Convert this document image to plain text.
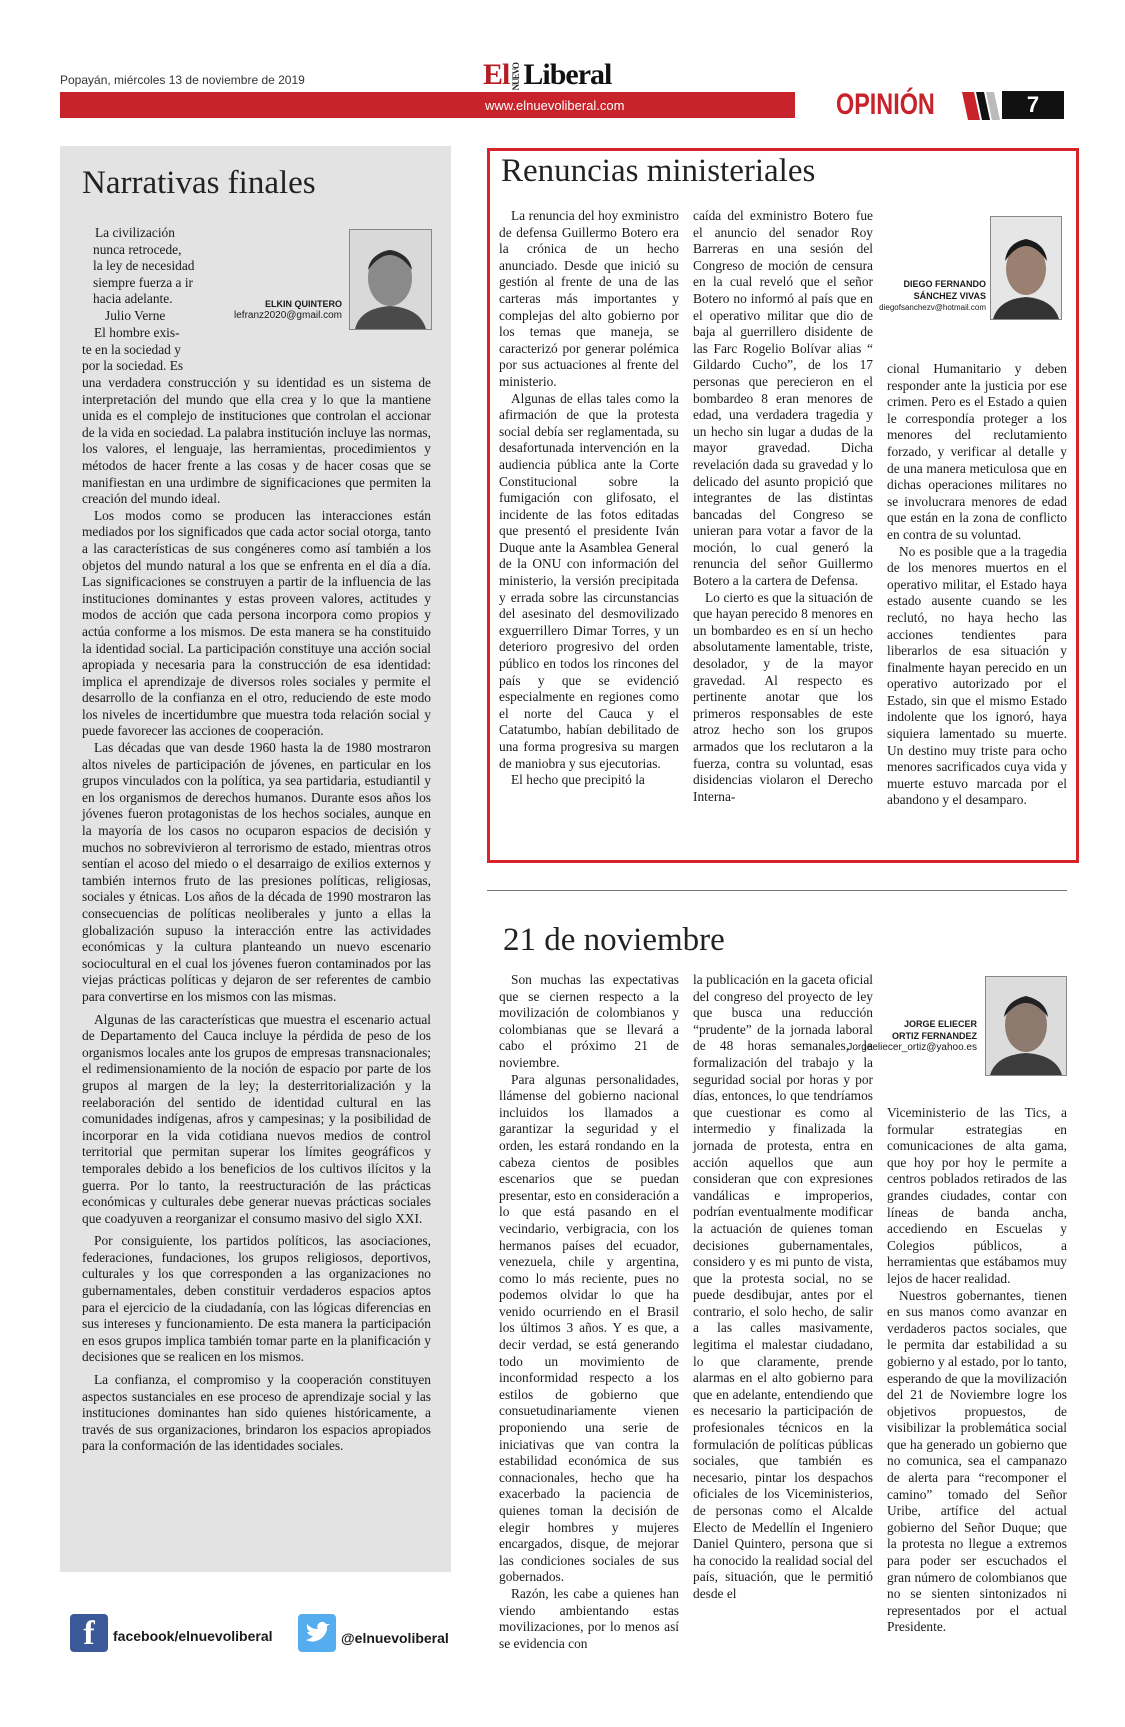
Popayán, miércoles 13 de noviembre de 2019	El NUEVOLiberal
www.elnuevoliberal.com	OPINIÓN	7
Narrativas finales
La civilización
nunca retrocede,
la ley de necesidad
siempre fuerza a ir
hacia adelante.
Julio Verne
ELKIN QUINTERO
lefranz2020@gmail.com
El hombre exis-
te en la sociedad y
por la sociedad. Es

una verdadera construcción y su identidad es un sistema de interpretación del mundo que ella crea y lo que la mantiene unida es el complejo de instituciones que controlan el accionar de la vida en sociedad. La palabra institución incluye las normas, los valores, el lenguaje, las herramientas, procedimientos y métodos de hacer frente a las cosas y de hacer cosas que se manifiestan en una urdimbre de significaciones que permiten la creación del mundo ideal.

Los modos como se producen las interacciones están mediados por los significados que cada actor social otorga, tanto a las características de sus congéneres como así también a los objetos del mundo natural a los que se enfrenta en el día a día. Las significaciones se construyen a partir de la influencia de las instituciones dominantes y estas proveen valores, actitudes y modos de acción que cada persona incorpora como propios y actúa conforme a los mismos. De esta manera se ha constituido la identidad social. La participación constituye una acción social apropiada y necesaria para la construcción de esa identidad: implica el aprendizaje de diversos roles sociales y permite el desarrollo de la confianza en el otro, reduciendo de este modo los niveles de incertidumbre que muestra toda relación social y puede favorecer las acciones de cooperación.

Las décadas que van desde 1960 hasta la de 1980 mostraron altos niveles de participación de jóvenes, en particular en los grupos vinculados con la política, ya sea partidaria, estudiantil y en los organismos de derechos humanos. Durante esos años los jóvenes fueron protagonistas de los hechos sociales, aunque en la mayoría de los casos no ocuparon espacios de decisión y muchos no sobrevivieron al terrorismo de estado, mientras otros sentían el acoso del miedo o el desarraigo de exilios externos y también internos fruto de las presiones políticas, religiosas, sociales y étnicas. Los años de la década de 1990 mostraron las consecuencias de políticas neoliberales y junto a ellas la globalización supuso la interacción entre las actividades económicas y la cultura planteando un nuevo escenario sociocultural en el cual los jóvenes fueron contaminados por las viejas prácticas políticas y dejaron de ser referentes de cambio para convertirse en los mismos con las mismas.

Algunas de las características que muestra el escenario actual de Departamento del Cauca incluye la pérdida de peso de los organismos locales ante los grupos de empresas transnacionales; el redimensionamiento de la noción de espacio por parte de los grupos al margen de la ley; la desterritorialización y la reelaboración del sentido de identidad cultural en las comunidades indígenas, afros y campesinas; y la posibilidad de incorporar en la vida cotidiana nuevos medios de control territorial que permitan superar los límites geográficos y temporales debido a los beneficios de los cultivos ilícitos y la guerra. Por lo tanto, la reestructuración de las prácticas económicas y culturales debe generar nuevas prácticas sociales que coadyuven a reorganizar el consumo masivo del siglo XXI.

Por consiguiente, los partidos políticos, las asociaciones, federaciones, fundaciones, los grupos religiosos, deportivos, culturales y los que corresponden a las organizaciones no gubernamentales, deben constituir verdaderos espacios aptos para el ejercicio de la ciudadanía, con las lógicas diferencias en sus intereses y funcionamiento. De esta manera la participación en esos grupos implica también tomar parte en la planificación y decisiones que se realicen en los mismos.

La confianza, el compromiso y la cooperación constituyen aspectos sustanciales en ese proceso de aprendizaje social y las instituciones dominantes han sido quienes históricamente, a través de sus organizaciones, brindaron los espacios apropiados para la conformación de las identidades sociales.

Renuncias ministeriales

La renuncia del hoy exministro de defensa Guillermo Botero era la crónica de un hecho anunciado. Desde que inició su gestión al frente de una de las carteras más importantes y complejas del alto gobierno por los temas que maneja, se caracterizó por generar polémica por sus actuaciones al frente del ministerio.

Algunas de ellas tales como la afirmación de que la protesta social debía ser reglamentada, su desafortunada intervención en la audiencia pública ante la Corte Constitucional sobre la fumigación con glifosato, el incidente de las fotos editadas que presentó el presidente Iván Duque ante la Asamblea General de la ONU con información del ministerio, la versión precipitada y errada sobre las circunstancias del asesinato del desmovilizado exguerrillero Dimar Torres, y un deterioro progresivo del orden público en todos los rincones del país y que se evidenció especialmente en regiones como el norte del Cauca y el Catatumbo, habían debilitado de una forma progresiva su margen de maniobra y sus ejecutorias.

El hecho que precipitó la

caída del exministro Botero fue el anuncio del senador Roy Barreras en una sesión del Congreso de moción de censura en la cual reveló que el señor Botero no informó al país que en el operativo militar que dio de baja al guerrillero disidente de las Farc Rogelio Bolívar alias “ Gildardo Cucho”, de los 17 personas que perecieron en el bombardeo 8 eran menores de edad, una verdadera tragedia y un hecho sin lugar a dudas de la mayor gravedad. Dicha revelación dada su gravedad y lo delicado del asunto propició que integrantes de las distintas bancadas del Congreso se unieran para votar a favor de la moción, lo cual generó la renuncia del señor Guillermo Botero a la cartera de Defensa.

Lo cierto es que la situación de que hayan perecido 8 menores en un bombardeo es en sí un hecho absolutamente lamentable, triste, desolador, y de la mayor gravedad. Al respecto es pertinente anotar que los primeros responsables de este atroz hecho son los grupos armados que los reclutaron a la fuerza, contra su voluntad, esas disidencias violaron el Derecho Interna-

DIEGO FERNANDO
SÁNCHEZ VIVAS
diegofsanchezv@hotmail.com

cional Humanitario y deben responder ante la justicia por ese crimen. Pero es el Estado a quien le correspondía proteger a los menores del reclutamiento forzado, y verificar al detalle y de una manera meticulosa que en dichas operaciones militares no se involucrara menores de edad que están en la zona de conflicto en contra de su voluntad.

No es posible que a la tragedia de los menores muertos en el operativo militar, el Estado haya estado ausente cuando se les reclutó, no haya hecho las acciones tendientes para liberarlos de esa situación y finalmente hayan perecido en un operativo autorizado por el Estado, sin que el mismo Estado indolente que los ignoró, haya siquiera lamentado su muerte. Un destino muy triste para ocho menores sacrificados cuya vida y muerte estuvo marcada por el abandono y el desamparo.

21 de noviembre

Son muchas las expectativas que se ciernen respecto a la movilización de colombianos y colombianas que se llevará a cabo el próximo 21 de noviembre.

Para algunas personalidades, llámense del gobierno nacional incluidos los llamados a garantizar la seguridad y el orden, les estará rondando en la cabeza cientos de posibles escenarios que se puedan presentar, esto en consideración a lo que está pasando en el vecindario, verbigracia, con los hermanos países del ecuador, venezuela, chile y argentina, como lo más reciente, pues no podemos olvidar lo que ha venido ocurriendo en el Brasil los últimos 3 años. Y es que, a decir verdad, se está generando todo un movimiento de inconformidad respecto a los estilos de gobierno que consuetudinariamente vienen proponiendo una serie de iniciativas que van contra la estabilidad económica de sus connacionales, hecho que ha exacerbado la paciencia de quienes toman la decisión de elegir hombres y mujeres encargados, disque, de mejorar las condiciones sociales de sus gobernados.

Razón, les cabe a quienes han viendo ambientando estas movilizaciones, por lo menos así se evidencia con

la publicación en la gaceta oficial del congreso del proyecto de ley que busca una reducción “prudente” de la jornada laboral de 48 horas semanales, la formalización del trabajo y la seguridad social por horas y por días, entonces, lo que tendríamos que cuestionar es como al intermedio y finalizada la jornada de protesta, entra en acción aquellos que aun consideran que con expresiones vandálicas e improperios, podrían eventualmente modificar la actuación de quienes toman decisiones gubernamentales, considero y es mi punto de vista, que la protesta social, no se puede desdibujar, antes por el contrario, el solo hecho, de salir a las calles masivamente, legitima el malestar ciudadano, lo que claramente, prende alarmas en el alto gobierno para que en adelante, entendiendo que es necesario la participación de profesionales técnicos en la formulación de políticas públicas sociales, que también es necesario, pintar los despachos oficiales de los Viceministerios, de personas como el Alcalde Electo de Medellín el Ingeniero Daniel Quintero, persona que si ha conocido la realidad social del país, situación, que le permitió desde el

JORGE ELIECER
ORTIZ FERNANDEZ
Jorgeeliecer_ortiz@yahoo.es

Viceministerio de las Tics, a formular estrategias en comunicaciones de alta gama, que hoy por hoy le permite a centros poblados retirados de las grandes ciudades, contar con líneas de banda ancha, accediendo en Escuelas y Colegios públicos, a herramientas que estábamos muy lejos de hacer realidad.

Nuestros gobernantes, tienen en sus manos como avanzar en verdaderos pactos sociales, que le permita dar estabilidad a su gobierno y al estado, por lo tanto, esperando de que la movilización del 21 de Noviembre logre los objetivos propuestos, de visibilizar la problemática social que ha generado un gobierno que no comunica, sea el campanazo de alerta para “recomponer el camino” tomado del Señor Uribe, artífice del actual gobierno del Señor Duque; que la protesta no llegue a extremos para poder ser escuchados el gran número de colombianos que no se sienten sintonizados ni representados por el actual Presidente.

f	facebook/elnuevoliberal	@elnuevoliberal
